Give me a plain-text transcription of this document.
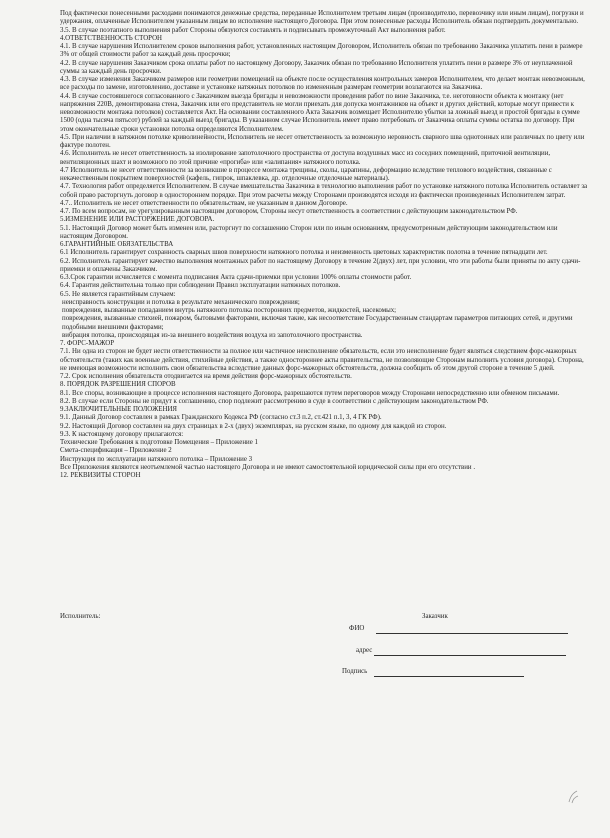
Под фактически понесенными расходами понимаются денежные средства, переданные Исполнителем третьим лицам (производителю, перевозчику или иным лицам), погрузки и удержания, оплаченные Исполнителем указанным лицам во исполнение настоящего Договора. При этом понесенные расходы Исполнитель обязан подтвердить документально.

3.5. В случае поэтапного выполнения работ Стороны обязуются составлять и подписывать промежуточный Акт выполнения работ.

4.ОТВЕТСТВЕННОСТЬ СТОРОН

4.1. В случае нарушения Исполнителем сроков выполнения работ, установленных настоящим Договором, Исполнитель обязан по требованию Заказчика уплатить пени в размере 3% от общей стоимости работ за каждый день просрочки;

4.2. В случае нарушения Заказчиком срока оплаты работ по настоящему Договору, Заказчик обязан по требованию Исполнителя уплатить пени в размере 3% от неуплаченной суммы за каждый день просрочки.

4.3. В случае изменения Заказчиком размеров или геометрии помещений на объекте после осуществления контрольных замеров Исполнителем, что делает монтаж невозможным, все расходы по замене, изготовлению, доставке и установке натяжных потолков по измененным размерам геометрии возлагаются на Заказчика.

4.4. В случае состоявшегося согласованного с Заказчиком выезда бригады и невозможности проведения работ по вине Заказчика, т.е. неготовности объекта к монтажу (нет напряжения 220В, демонтирована стена, Заказчик или его представитель не могли приехать для допуска монтажников на объект и других действий, которые могут привести к невозможности монтажа потолков) составляется Акт. На основании составленного Акта Заказчик возмещает Исполнителю убытки за ложный выезд и простой бригады в сумме 1500 (одна тысяча пятьсот) рублей за каждый выезд бригады. В указанном случае Исполнитель имеет право потребовать от Заказчика оплаты суммы остатка по договору. При этом окончательные сроки установки потолка определяются Исполнителем.

4.5. При наличии в натяжном потолке криволинейности, Исполнитель не несет ответственность за возможную неровность сварного шва однотонных или различных по цвету или фактуре полотен.

4.6. Исполнитель не несет ответственность за изолирование запотолочного пространства от доступа воздушных масс из соседних помещений, приточной вентиляции, вентиляционных шахт и возможного по этой причине «прогиба» или «залипания» натяжного потолка.

4.7 Исполнитель не несет ответственности за возникшие в процессе монтажа трещины, сколы, царапины, деформацию вследствие теплового воздействия, связанные с некачественным покрытием поверхностей (кафель, гипрок, шпаклевка, др. отделочные отделочные материалы).

4.7. Технология работ определяется Исполнителем. В случае вмешательства Заказчика в технологию выполнения работ по установке натяжного потолка Исполнитель оставляет за собой право расторгнуть договор в одностороннем порядке. При этом расчеты между Сторонами производятся исходя из фактически произведенных Исполнителем затрат.

4.7.. Исполнитель не несет ответственности по обязательствам, не указанным в данном Договоре.

4.7. По всем вопросам, не урегулированным настоящим договором, Стороны несут ответственность в соответствии с действующим законодательством РФ.

5.ИЗМЕНЕНИЕ ИЛИ РАСТОРЖЕНИЕ ДОГОВОРА.

5.1. Настоящий Договор может быть изменен или, расторгнут по соглашению Сторон или по иным основаниям, предусмотренным действующим законодательством или настоящим Договором.

6.ГАРАНТИЙНЫЕ ОБЯЗАТЕЛЬСТВА

6.1 Исполнитель гарантирует сохранность сварных швов поверхности натяжного потолка и неизменность цветовых характеристик полотна в течение пятнадцати лет.

6.2. Исполнитель гарантирует качество выполнения монтажных работ по настоящему Договору в течение 2(двух) лет, при условии, что эти работы были приняты по акту сдачи-приемки и оплачены Заказчиком.

6.3.Срок гарантии исчисляется с момента подписания Акта сдачи-приемки при условии 100% оплаты стоимости работ.

6.4. Гарантия действительна только при соблюдении Правил эксплуатации натяжных потолков.

6.5. Не является гарантийным случаем:

неисправность конструкции и потолка в результате механического повреждения;

повреждения, вызванные попаданием внутрь натяжного потолка посторонних предметов, жидкостей, насекомых;

повреждения, вызванные стихией, пожаром, бытовыми факторами, включая такие, как несоответствие Государственным стандартам параметров питающих сетей, и другими подобными внешними факторами;

вибрация потолка, происходящая из-за внешнего воздействия воздуха из запотолочного пространства.

7. ФОРС-МАЖОР

7.1. Ни одна из сторон не будет нести ответственности за полное или частичное неисполнение обязательств, если это неисполнение будет являться следствием форс-мажорных обстоятельств (таких как военные действия, стихийные действия, а также одностороннее акты правительства, не позволяющие Сторонам выполнить условия договора). Сторона, не имеющая возможности исполнить свои обязательства вследствие данных форс-мажорных обстоятельств, должна сообщить об этом другой стороне в течение 5 дней.

7.2. Срок исполнения обязательств отодвигается на время действия форс-мажорных обстоятельств.

8. ПОРЯДОК РАЗРЕШЕНИЯ СПОРОВ

8.1. Все споры, возникающие в процессе исполнения настоящего Договора, разрешаются путем переговоров между Сторонами непосредственно или обменом письмами.

8.2. В случае если Стороны не придут к соглашению, спор подлежит рассмотрению в суде в соответствии с действующим законодательством РФ.

9.ЗАКЛЮЧИТЕЛЬНЫЕ ПОЛОЖЕНИЯ

9.1. Данный Договор составлен в рамках Гражданского Кодекса РФ (согласно ст.3 п.2, ст.421 п.1, 3, 4 ГК РФ).

9.2. Настоящий Договор составлен на двух страницах в 2-х (двух) экземплярах, на русском языке, по одному для каждой из сторон.

9.3. К настоящему договору прилагаются:

Технические Требования к подготовке Помещения – Приложение 1

Смета-спецификация – Приложение 2

Инструкция по эксплуатации натяжного потолка – Приложение 3

Все Приложения являются неотъемлемой частью настоящего Договора и не имеют самостоятельной юридической силы при его отсутствии .

12. РЕКВИЗИТЫ СТОРОН

Исполнитель:	Заказчик
ФИО
адрес
Подпись
